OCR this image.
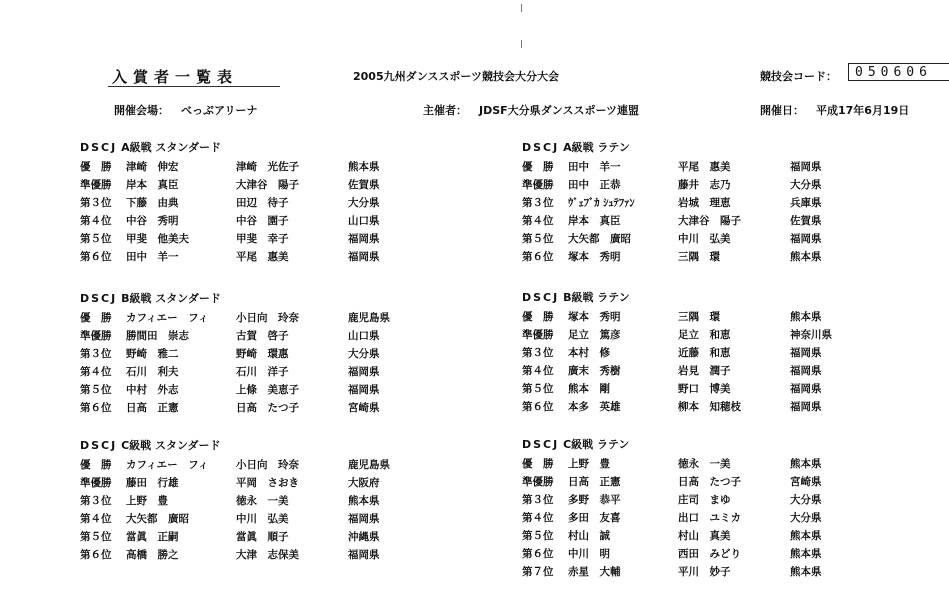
入賞者一覧表	2005九州ダンススポーツ競技会大分大会	競技会コード：	050606
開催会場： べっぷアリーナ	主催者： JDSF大分県ダンススポーツ連盟	開催日： 平成17年6月19日
DSCJ A級戦 スタンダード
優　勝 津崎　伸宏	津崎　光佐子	熊本県
準優勝 岸本　真臣	大津谷　陽子	佐賀県
第３位 下藤　由典	田辺　待子	大分県
第４位 中谷　秀明	中谷　園子	山口県
第５位 甲斐　他美夫	甲斐　幸子	福岡県
第６位 田中　羊一	平尾　惠美	福岡県
DSCJ B級戦 スタンダード
優　勝 カフィエー　フィ	小日向　玲奈	鹿児島県
準優勝 勝間田　崇志	古賀　啓子	山口県
第３位 野崎　雅二	野崎　環惠	大分県
第４位 石川　利夫	石川　洋子	福岡県
第５位 中村　外志	上條　美恵子	福岡県
第６位 日高　正憲	日高　たつ子	宮崎県
DSCJ C級戦 スタンダード
優　勝 カフィエー　フィ	小日向　玲奈	鹿児島県
準優勝 藤田　行雄	平岡　さおき	大阪府
第３位 上野　豊	徳永　一美	熊本県
第４位 大矢都　廣昭	中川　弘美	福岡県
第５位 當眞　正嗣	當眞　順子	沖縄県
第６位 高橋　勝之	大津　志保美	福岡県
DSCJ A級戦 ラテン
優　勝 田中　羊一	平尾　惠美	福岡県
準優勝 田中　正恭	藤井　志乃	大分県
第３位 ｳﾞｪﾌﾞｶ ｼｭﾃﾌｧﾝ	岩城　理恵	兵庫県
第４位 岸本　真臣	大津谷　陽子	佐賀県
第５位 大矢都　廣昭	中川　弘美	福岡県
第６位 塚本　秀明	三隅　環	熊本県
DSCJ B級戦 ラテン
優　勝 塚本　秀明	三隅　環	熊本県
準優勝 足立　篤彦	足立　和恵	神奈川県
第３位 本村　修	近藤　和恵	福岡県
第４位 廣末　秀樹	岩見　潤子	福岡県
第５位 熊本　剛	野口　博美	福岡県
第６位 本多　英雄	柳本　知穂枝	福岡県
DSCJ C級戦 ラテン
優　勝 上野　豊	徳永　一美	熊本県
準優勝 日高　正憲	日高　たつ子	宮崎県
第３位 多野　恭平	庄司　まゆ	大分県
第４位 多田　友喜	出口　ユミカ	大分県
第５位 村山　誠	村山　真美	熊本県
第６位 中川　明	西田　みどり	熊本県
第７位 赤星　大輔	平川　妙子	熊本県
